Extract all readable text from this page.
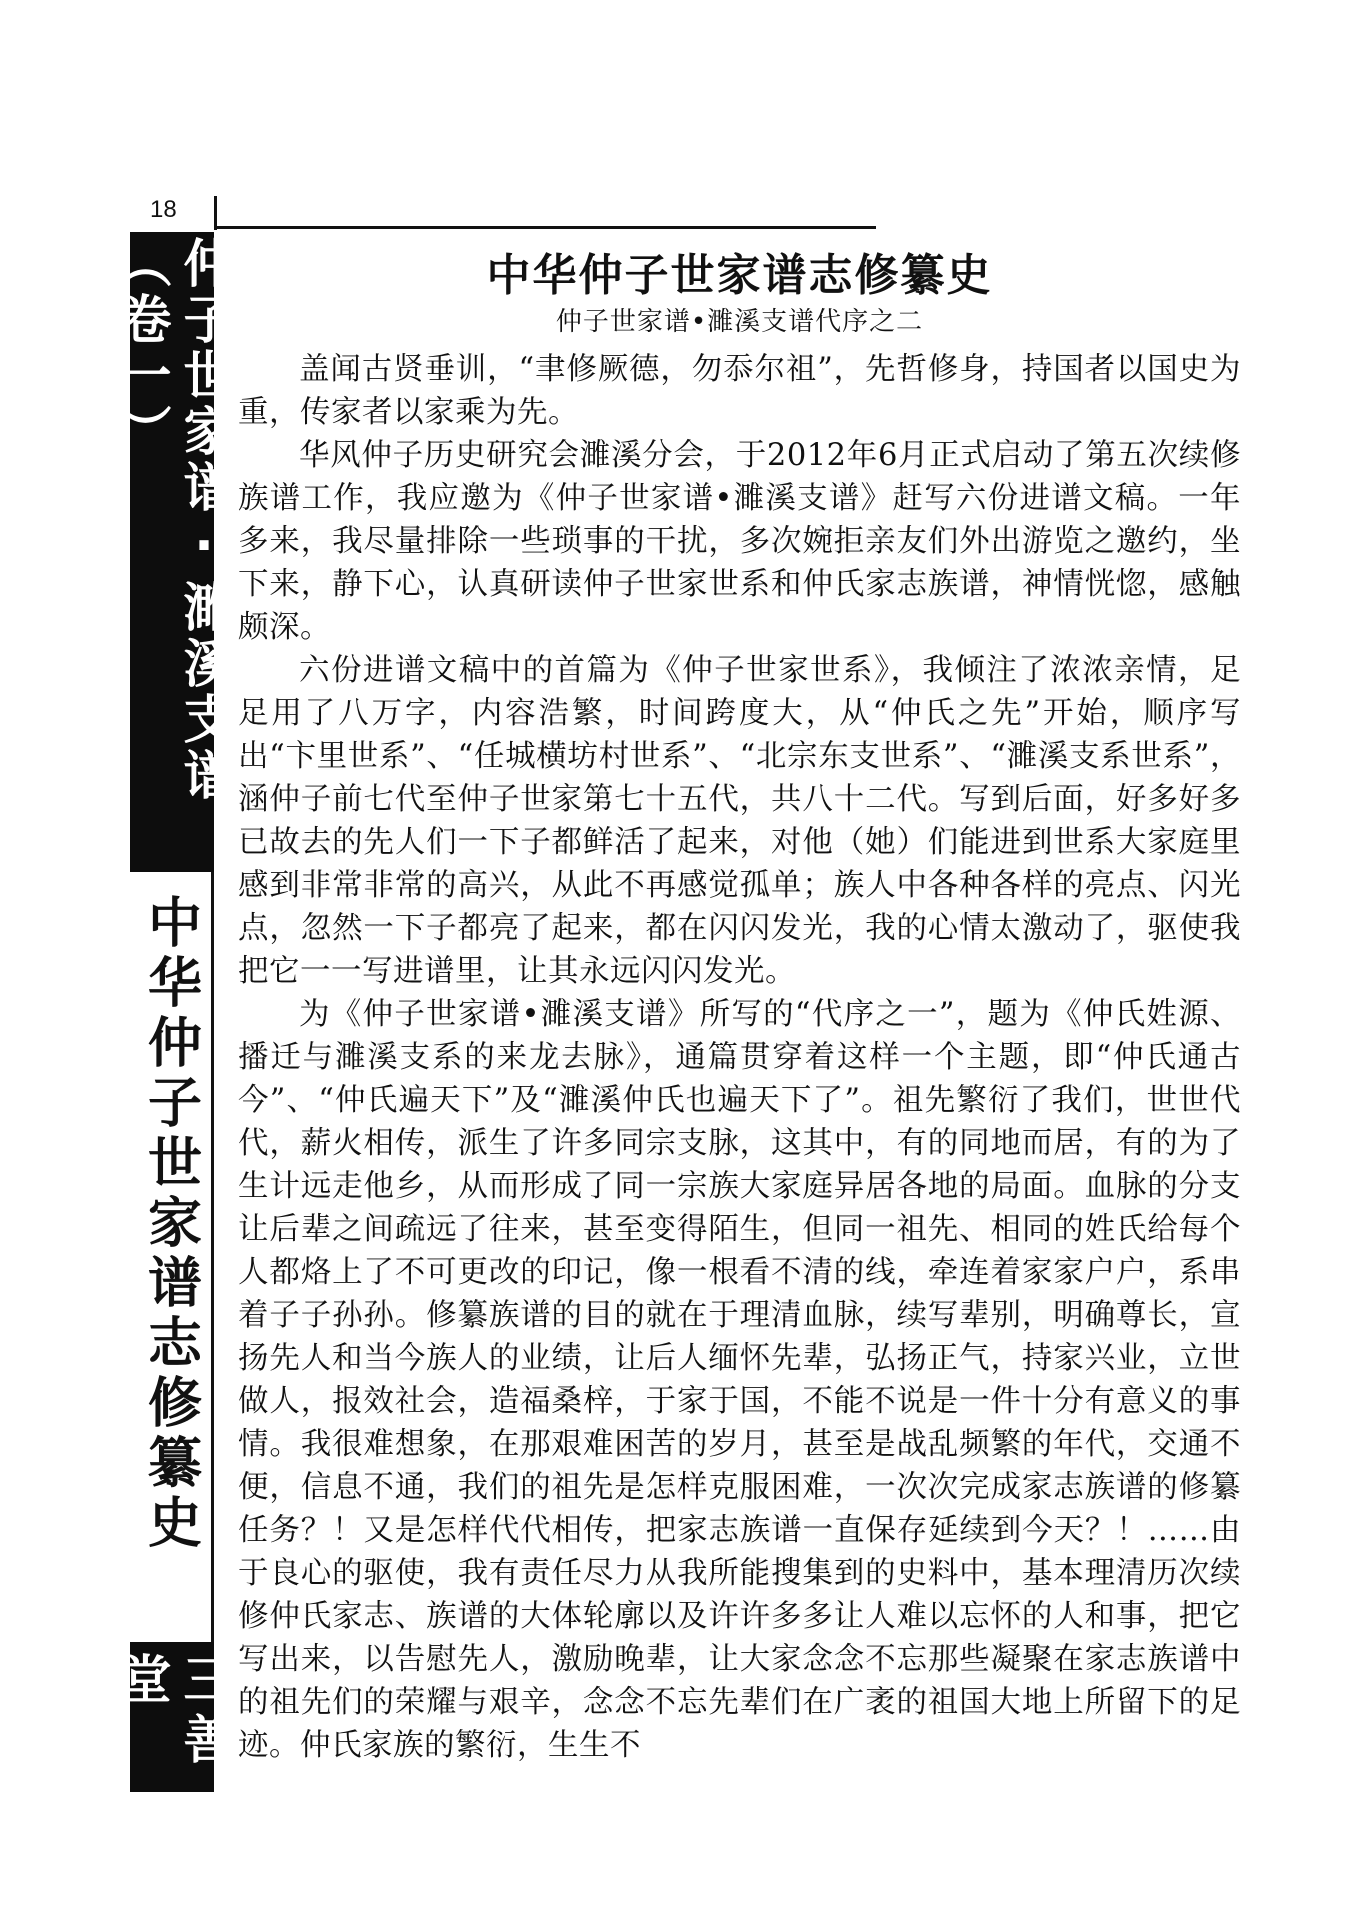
18
仲子世家谱·濉溪支谱（卷一）
中华仲子世家谱志修纂史
三善堂
中华仲子世家谱志修纂史
仲子世家谱•濉溪支谱代序之二

盖闻古贤垂训，“聿修厥德，勿忝尔祖”，先哲修身，持国者以国史为重，传家者以家乘为先。

华风仲子历史研究会濉溪分会，于2012年6月正式启动了第五次续修族谱工作，我应邀为《仲子世家谱•濉溪支谱》赶写六份进谱文稿。一年多来，我尽量排除一些琐事的干扰，多次婉拒亲友们外出游览之邀约，坐下来，静下心，认真研读仲子世家世系和仲氏家志族谱，神情恍惚，感触颇深。

六份进谱文稿中的首篇为《仲子世家世系》，我倾注了浓浓亲情，足足用了八万字，内容浩繁，时间跨度大，从“仲氏之先”开始，顺序写出“卞里世系”、“任城横坊村世系”、“北宗东支世系”、“濉溪支系世系”，涵仲子前七代至仲子世家第七十五代，共八十二代。写到后面，好多好多已故去的先人们一下子都鲜活了起来，对他（她）们能进到世系大家庭里感到非常非常的高兴，从此不再感觉孤单；族人中各种各样的亮点、闪光点，忽然一下子都亮了起来，都在闪闪发光，我的心情太激动了，驱使我把它一一写进谱里，让其永远闪闪发光。

为《仲子世家谱•濉溪支谱》所写的“代序之一”，题为《仲氏姓源、播迁与濉溪支系的来龙去脉》，通篇贯穿着这样一个主题，即“仲氏通古今”、“仲氏遍天下”及“濉溪仲氏也遍天下了”。祖先繁衍了我们，世世代代，薪火相传，派生了许多同宗支脉，这其中，有的同地而居，有的为了生计远走他乡，从而形成了同一宗族大家庭异居各地的局面。血脉的分支让后辈之间疏远了往来，甚至变得陌生，但同一祖先、相同的姓氏给每个人都烙上了不可更改的印记，像一根看不清的线，牵连着家家户户，系串着子子孙孙。修纂族谱的目的就在于理清血脉，续写辈别，明确尊长，宣扬先人和当今族人的业绩，让后人缅怀先辈，弘扬正气，持家兴业，立世做人，报效社会，造福桑梓，于家于国，不能不说是一件十分有意义的事情。我很难想象，在那艰难困苦的岁月，甚至是战乱频繁的年代，交通不便，信息不通，我们的祖先是怎样克服困难，一次次完成家志族谱的修纂任务？！又是怎样代代相传，把家志族谱一直保存延续到今天？！……由于良心的驱使，我有责任尽力从我所能搜集到的史料中，基本理清历次续修仲氏家志、族谱的大体轮廓以及许许多多让人难以忘怀的人和事，把它写出来，以告慰先人，激励晚辈，让大家念念不忘那些凝聚在家志族谱中的祖先们的荣耀与艰辛，念念不忘先辈们在广袤的祖国大地上所留下的足迹。仲氏家族的繁衍，生生不
